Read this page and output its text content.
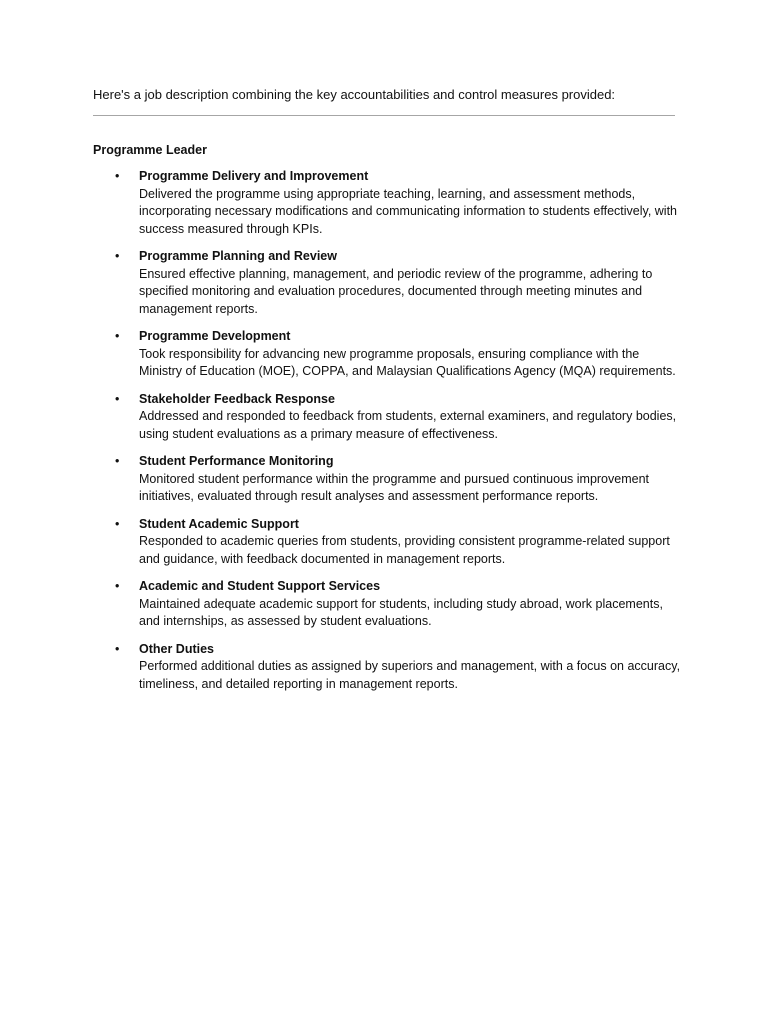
Here's a job description combining the key accountabilities and control measures provided:

Programme Leader
• Programme Delivery and Improvement
Delivered the programme using appropriate teaching, learning, and assessment methods, incorporating necessary modifications and communicating information to students effectively, with success measured through KPIs.
• Programme Planning and Review
Ensured effective planning, management, and periodic review of the programme, adhering to specified monitoring and evaluation procedures, documented through meeting minutes and management reports.
• Programme Development
Took responsibility for advancing new programme proposals, ensuring compliance with the Ministry of Education (MOE), COPPA, and Malaysian Qualifications Agency (MQA) requirements.
• Stakeholder Feedback Response
Addressed and responded to feedback from students, external examiners, and regulatory bodies, using student evaluations as a primary measure of effectiveness.
• Student Performance Monitoring
Monitored student performance within the programme and pursued continuous improvement initiatives, evaluated through result analyses and assessment performance reports.
• Student Academic Support
Responded to academic queries from students, providing consistent programme-related support and guidance, with feedback documented in management reports.
• Academic and Student Support Services
Maintained adequate academic support for students, including study abroad, work placements, and internships, as assessed by student evaluations.
• Other Duties
Performed additional duties as assigned by superiors and management, with a focus on accuracy, timeliness, and detailed reporting in management reports.
